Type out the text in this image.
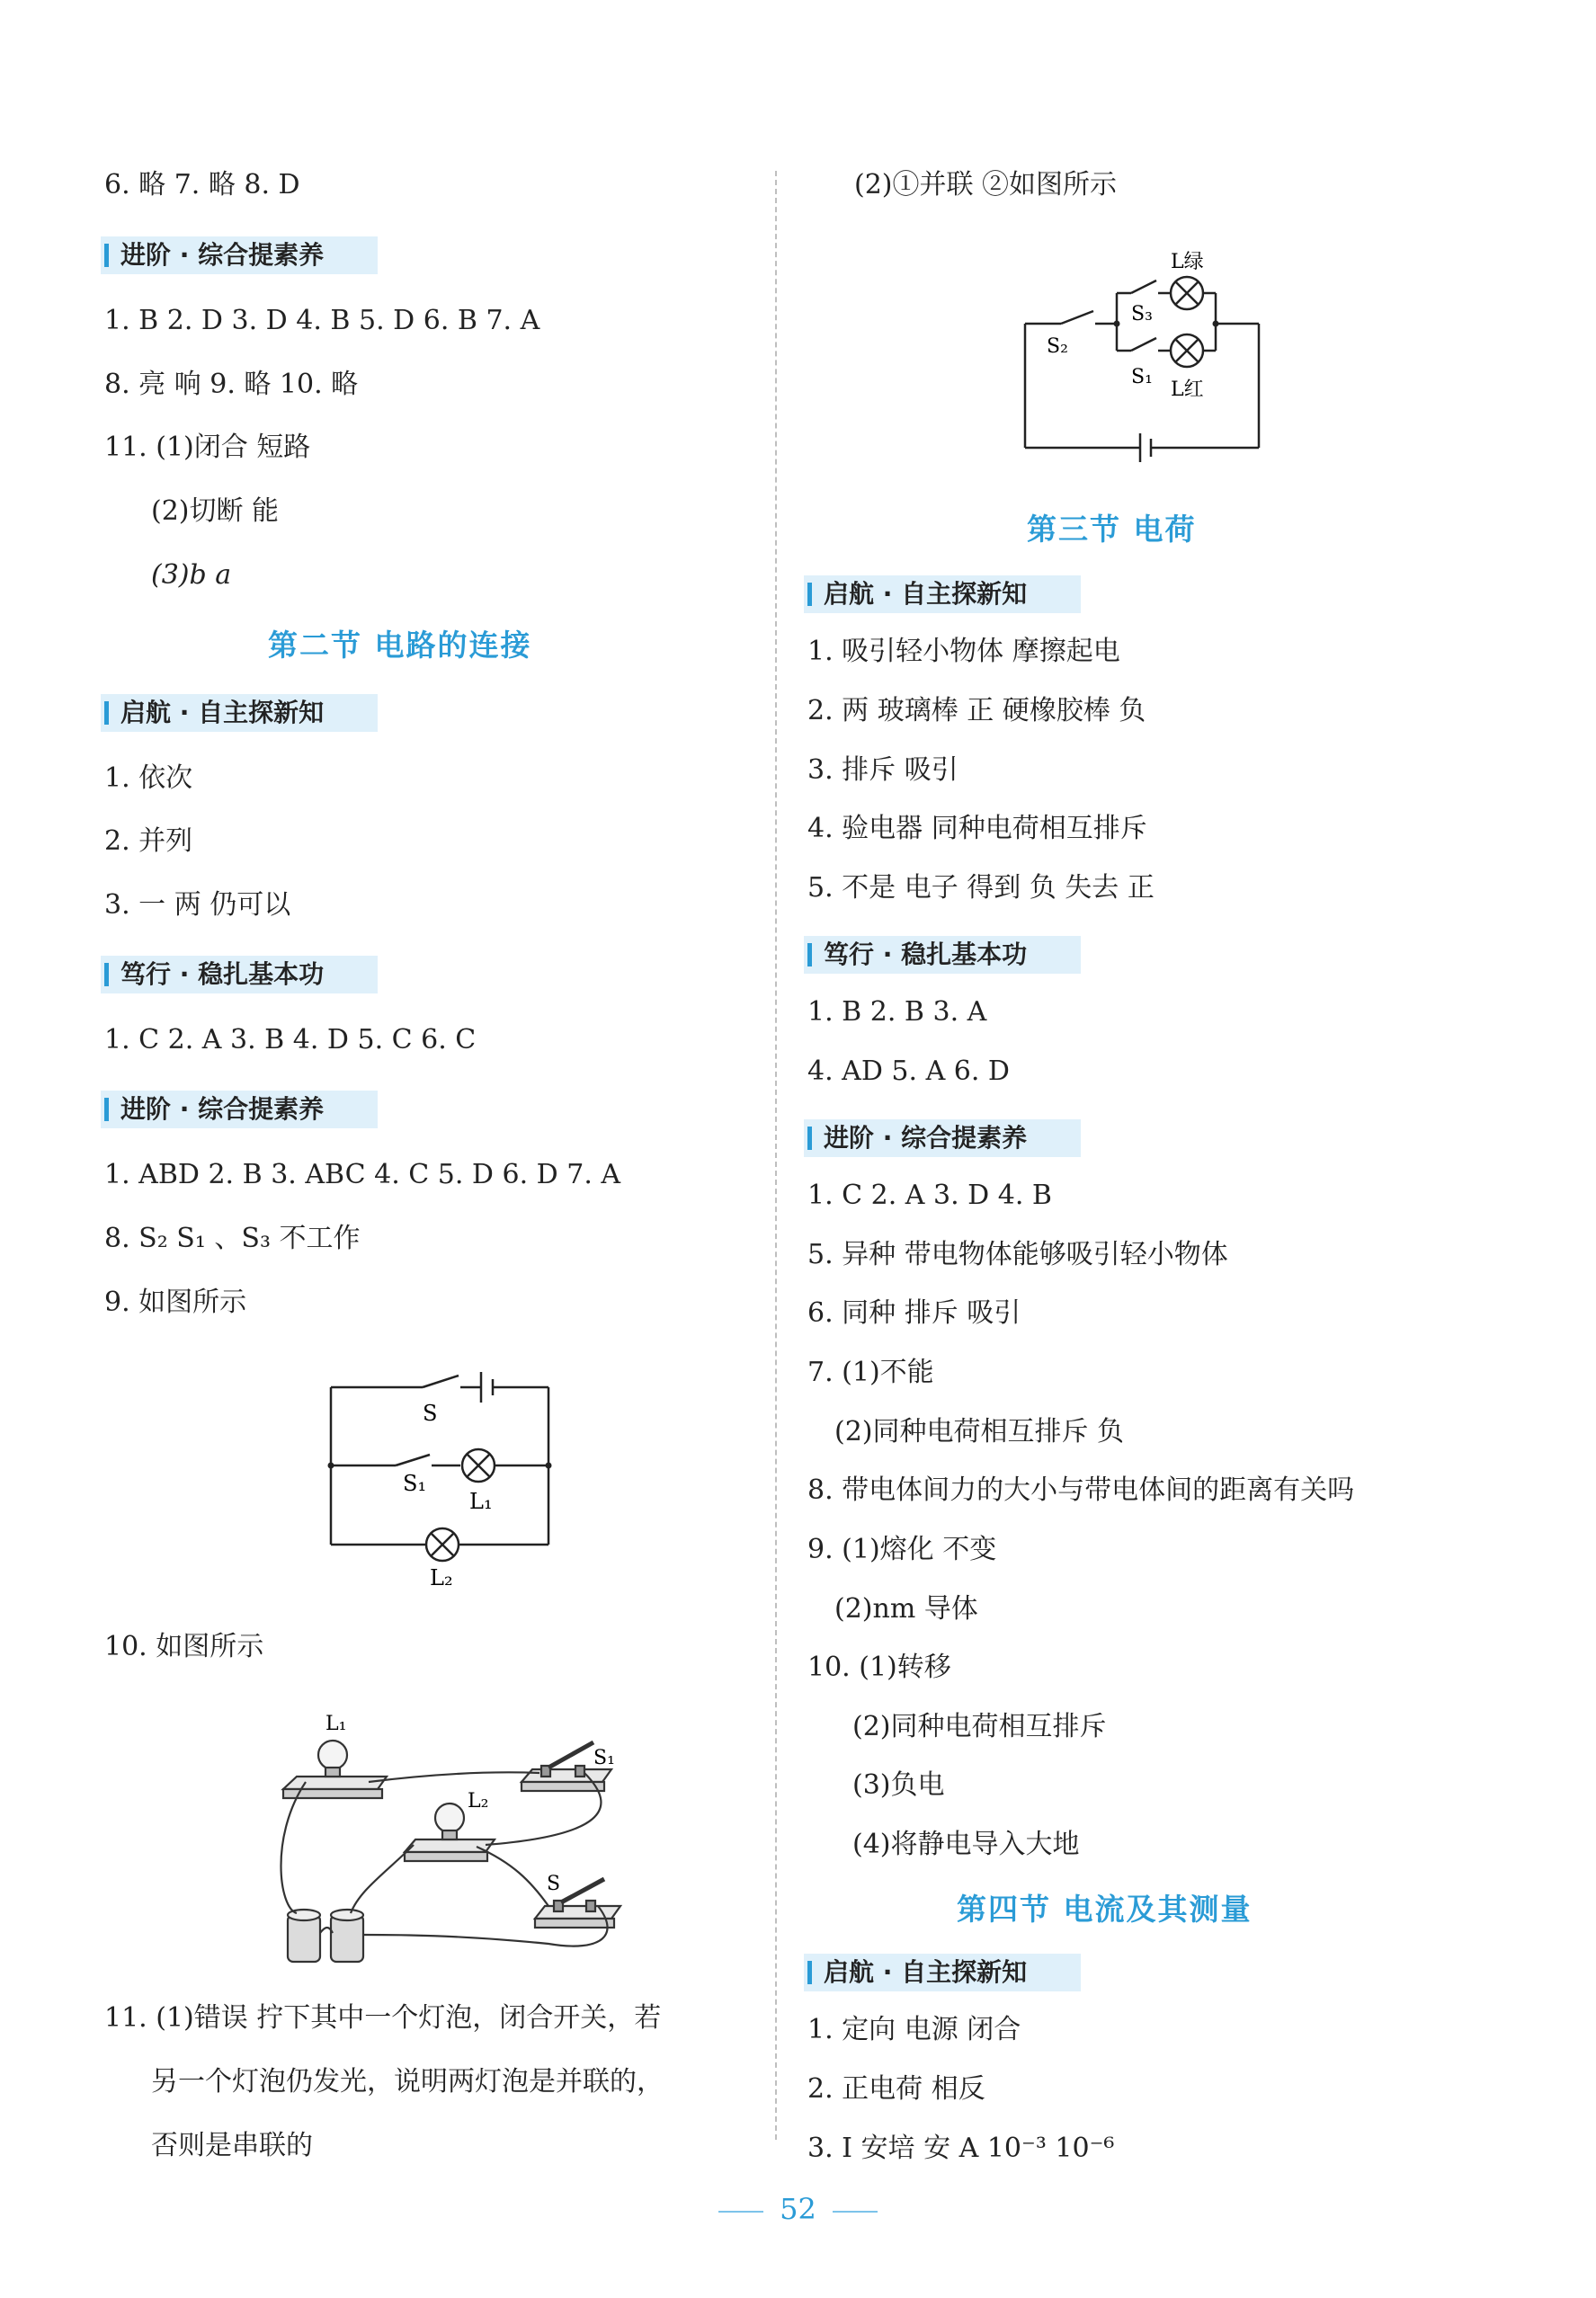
6. 略 7. 略 8. D
进阶 · 综合提素养
1. B 2. D 3. D 4. B 5. D 6. B 7. A
8. 亮 响 9. 略 10. 略
11. (1)闭合 短路
(2)切断 能
(3)b a
第二节 电路的连接
启航 · 自主探新知
1. 依次
2. 并列
3. 一 两 仍可以
笃行 · 稳扎基本功
1. C 2. A 3. B 4. D 5. C 6. C
进阶 · 综合提素养
1. ABD 2. B 3. ABC 4. C 5. D 6. D 7. A
8. S₂ S₁ 、S₃ 不工作
9. 如图所示
S
S₁
L₁
L₂
10. 如图所示
L₁
L₂
S₁
S
11. (1)错误 拧下其中一个灯泡，闭合开关，若
另一个灯泡仍发光，说明两灯泡是并联的，
否则是串联的
(2)①并联 ②如图所示
L绿
S₃
S₂
S₁
L红
第三节 电荷
启航 · 自主探新知
1. 吸引轻小物体 摩擦起电
2. 两 玻璃棒 正 硬橡胶棒 负
3. 排斥 吸引
4. 验电器 同种电荷相互排斥
5. 不是 电子 得到 负 失去 正
笃行 · 稳扎基本功
1. B 2. B 3. A
4. AD 5. A 6. D
进阶 · 综合提素养
1. C 2. A 3. D 4. B
5. 异种 带电物体能够吸引轻小物体
6. 同种 排斥 吸引
7. (1)不能
(2)同种电荷相互排斥 负
8. 带电体间力的大小与带电体间的距离有关吗
9. (1)熔化 不变
(2)nm 导体
10. (1)转移
(2)同种电荷相互排斥
(3)负电
(4)将静电导入大地
第四节 电流及其测量
启航 · 自主探新知
1. 定向 电源 闭合
2. 正电荷 相反
3. I 安培 安 A 10⁻³ 10⁻⁶
52
